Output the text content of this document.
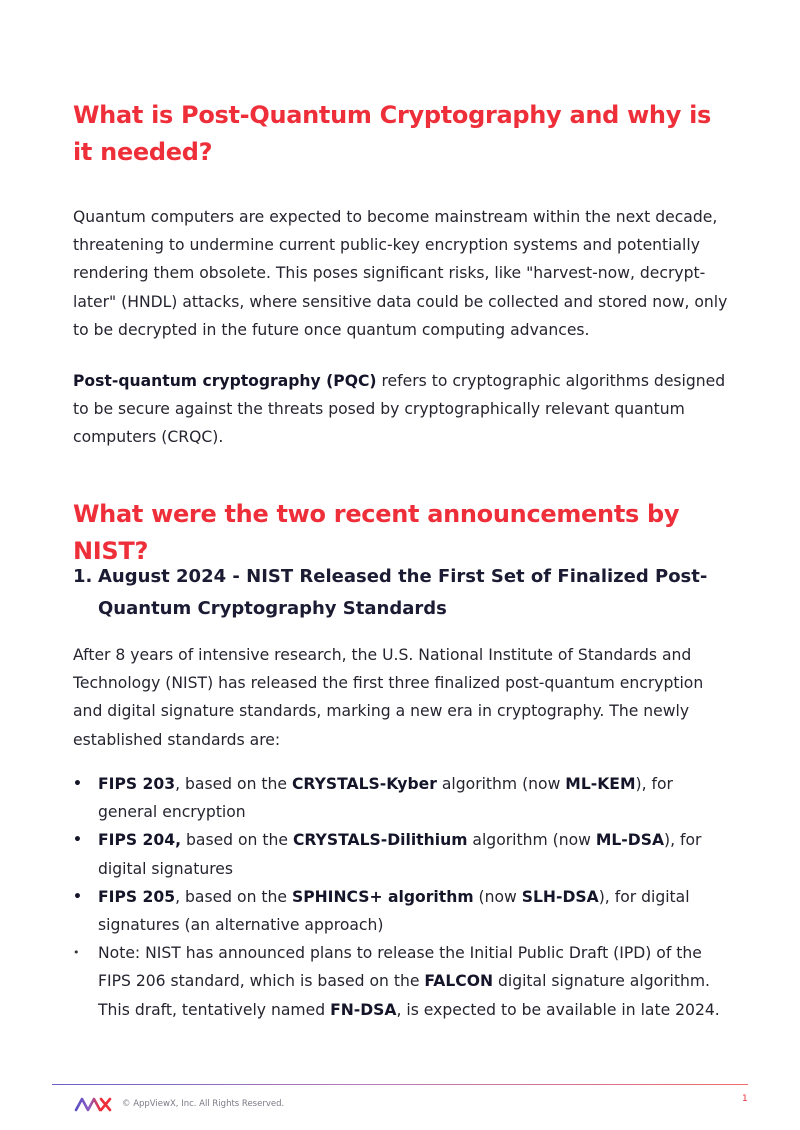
What is Post-Quantum Cryptography and why is it needed?

Quantum computers are expected to become mainstream within the next decade, threatening to undermine current public-key encryption systems and potentially rendering them obsolete. This poses significant risks, like "harvest-now, decrypt-later" (HNDL) attacks, where sensitive data could be collected and stored now, only to be decrypted in the future once quantum computing advances.

Post-quantum cryptography (PQC) refers to cryptographic algorithms designed to be secure against the threats posed by cryptographically relevant quantum computers (CRQC).

What were the two recent announcements by NIST?
1. August 2024 - NIST Released the First Set of Finalized Post-Quantum Cryptography Standards

After 8 years of intensive research, the U.S. National Institute of Standards and Technology (NIST) has released the first three finalized post-quantum encryption and digital signature standards, marking a new era in cryptography. The newly established standards are:

• FIPS 203, based on the CRYSTALS-Kyber algorithm (now ML-KEM), for general encryption
• FIPS 204, based on the CRYSTALS-Dilithium algorithm (now ML-DSA), for digital signatures
• FIPS 205, based on the SPHINCS+ algorithm (now SLH-DSA), for digital signatures (an alternative approach)
• Note: NIST has announced plans to release the Initial Public Draft (IPD) of the FIPS 206 standard, which is based on the FALCON digital signature algorithm. This draft, tentatively named FN-DSA, is expected to be available in late 2024.
© AppViewX, Inc. All Rights Reserved.	1
